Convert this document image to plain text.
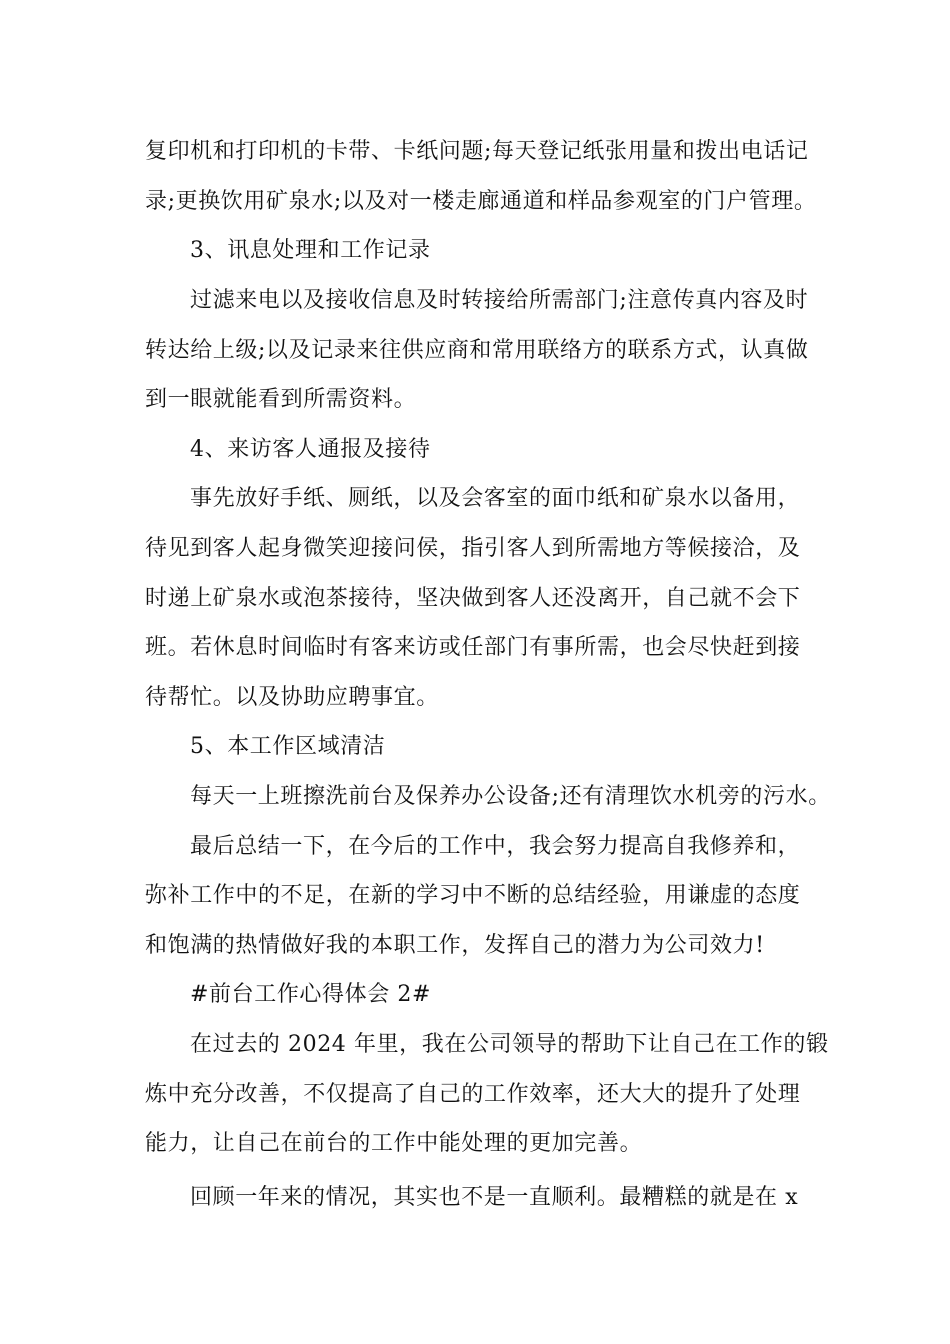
复印机和打印机的卡带、卡纸问题;每天登记纸张用量和拨出电话记
录;更换饮用矿泉水;以及对一楼走廊通道和样品参观室的门户管理。
3、讯息处理和工作记录
过滤来电以及接收信息及时转接给所需部门;注意传真内容及时
转达给上级;以及记录来往供应商和常用联络方的联系方式，认真做
到一眼就能看到所需资料。
4、来访客人通报及接待
事先放好手纸、厕纸，以及会客室的面巾纸和矿泉水以备用，
待见到客人起身微笑迎接问侯，指引客人到所需地方等候接洽，及
时递上矿泉水或泡茶接待，坚决做到客人还没离开，自己就不会下
班。若休息时间临时有客来访或任部门有事所需，也会尽快赶到接
待帮忙。以及协助应聘事宜。
5、本工作区域清洁
每天一上班擦洗前台及保养办公设备;还有清理饮水机旁的污水。
最后总结一下，在今后的工作中，我会努力提高自我修养和，
弥补工作中的不足，在新的学习中不断的总结经验，用谦虚的态度
和饱满的热情做好我的本职工作，发挥自己的潜力为公司效力!
#前台工作心得体会 2#
在过去的 2024 年里，我在公司领导的帮助下让自己在工作的锻
炼中充分改善，不仅提高了自己的工作效率，还大大的提升了处理
能力，让自己在前台的工作中能处理的更加完善。
回顾一年来的情况，其实也不是一直顺利。最糟糕的就是在 x
